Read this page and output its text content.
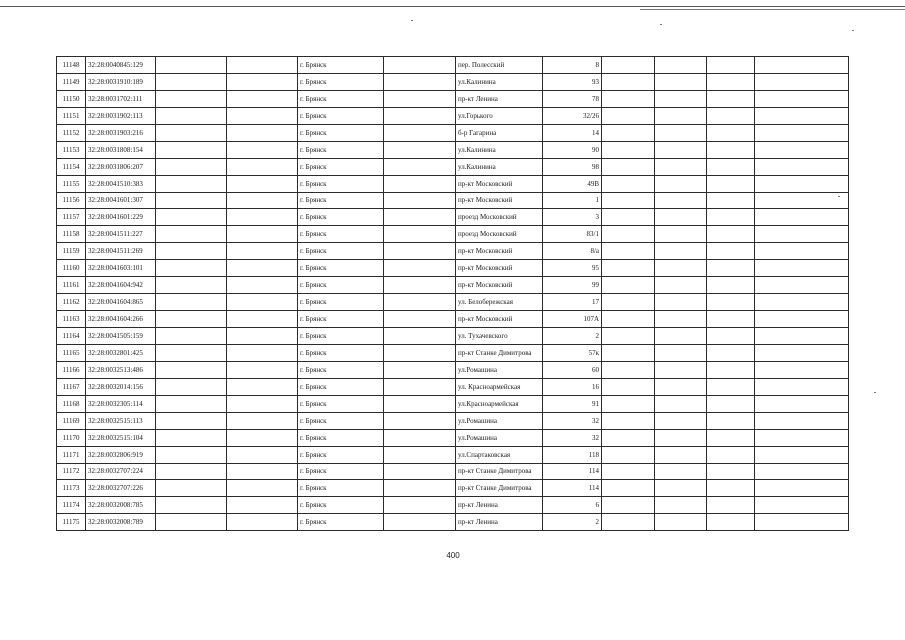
11148	32:28:0040845:129			г. Брянск		пер. Полесский	8				
11149	32:28:0031910:189			г. Брянск		ул.Калинина	93				
11150	32:28:0031702:111			г. Брянск		пр-кт Ленина	78				
11151	32:28:0031902:113			г. Брянск		ул.Горького	32/26				
11152	32:28:0031903:216			г. Брянск		б-р Гагарина	14				
11153	32:28:0031808:154			г. Брянск		ул.Калинина	90				
11154	32:28:0031806:207			г. Брянск		ул.Калинина	98				
11155	32:28:0041510:383			г. Брянск		пр-кт Московский	49В				
11156	32:28:0041601:307			г. Брянск		пр-кт Московский	1				
11157	32:28:0041601:229			г. Брянск		проезд Московский	3				
11158	32:28:0041511:227			г. Брянск		проезд Московский	83/1				
11159	32:28:0041511:269			г. Брянск		пр-кт Московский	8/а				
11160	32:28:0041603:101			г. Брянск		пр-кт Московский	95				
11161	32:28:0041604:942			г. Брянск		пр-кт Московский	99				
11162	32:28:0041604:865			г. Брянск		ул. Белобережская	17				
11163	32:28:0041604:266			г. Брянск		пр-кт Московский	107А				
11164	32:28:0041505:159			г. Брянск		ул. Тухачевского	2				
11165	32:28:0032801:425			г. Брянск		пр-кт Станке Димитрова	57к				
11166	32:28:0032513:486			г. Брянск		ул.Ромашина	60				
11167	32:28:0032014:156			г. Брянск		ул. Красноармейская	16				
11168	32:28:0032305:114			г. Брянск		ул.Красноармейская	91				
11169	32:28:0032515:113			г. Брянск		ул.Ромашина	32				
11170	32:28:0032515:104			г. Брянск		ул.Ромашина	32				
11171	32:28:0032806:919			г. Брянск		ул.Спартаковская	118				
11172	32:28:0032707:224			г. Брянск		пр-кт Станке Димитрова	114				
11173	32:28:0032707:226			г. Брянск		пр-кт Станке Димитрова	114				
11174	32:28:0032008:785			г. Брянск		пр-кт Ленина	6				
11175	32:28:0032008:789			г. Брянск		пр-кт Ленина	2				
400
